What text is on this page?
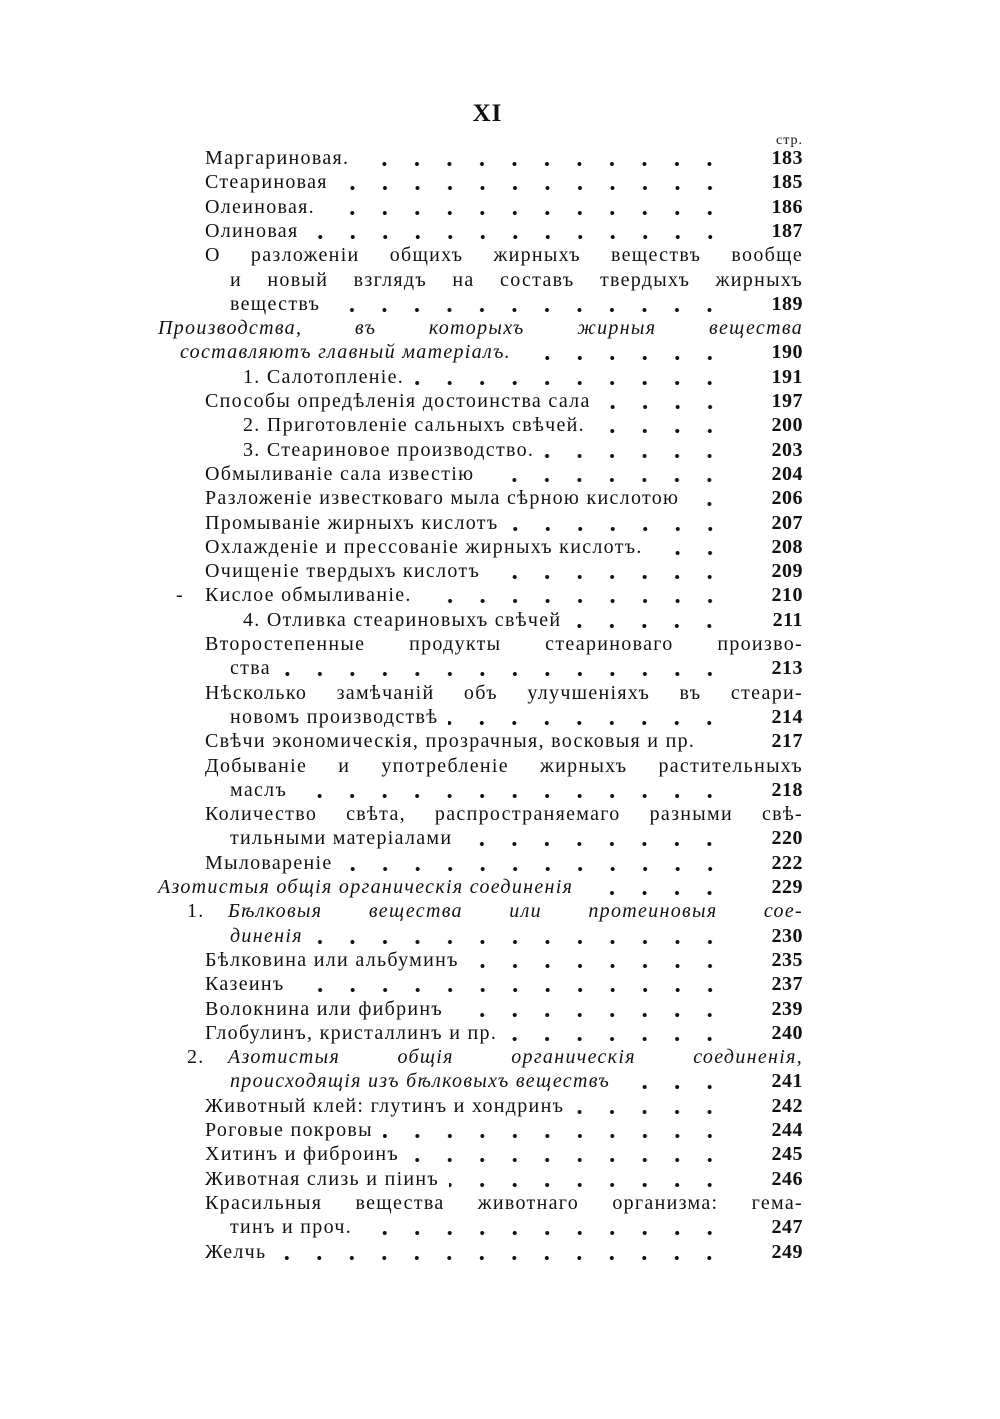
XI
стр.
Маргариновая.	183
Стеариновая	185
Олеиновая.	186
Олиновая	187
О разложеніи общихъ жирныхъ веществъ вообще
и новый взглядъ на составъ твердыхъ жирныхъ
веществъ	189
Производства, въ которыхъ жирныя вещества
составляютъ главный матеріалъ.	190
1. Салотопленіе.	191
Способы опредѣленія достоинства сала	197
2. Приготовленіе сальныхъ свѣчей.	200
3. Стеариновое производство.	203
Обмыливаніе сала известію	204
Разложеніе известковаго мыла сѣрною кислотою	206
Промываніе жирныхъ кислотъ	207
Охлажденіе и прессованіе жирныхъ кислотъ.	208
Очищеніе твердыхъ кислотъ	209
- Кислое обмыливаніе.	210
4. Отливка стеариновыхъ свѣчей	211
Второстепенные продукты стеариноваго произво-
ства	213
Нѣсколько замѣчаній объ улучшеніяхъ въ стеари-
новомъ производствѣ	214
Свѣчи экономическія, прозрачныя, восковыя и пр.	217
Добываніе и употребленіе жирныхъ растительныхъ
маслъ	218
Количество свѣта, распространяемаго разными свѣ-
тильными матеріалами	220
Мыловареніе	222
Азотистыя общія органическія соединенія	229
1. Бѣлковыя вещества или протеиновыя сое-
диненія	230
Бѣлковина или альбуминъ	235
Казеинъ	237
Волокнина или фибринъ	239
Глобулинъ, кристаллинъ и пр.	240
2. Азотистыя общія органическія соединенія,
происходящія изъ бѣлковыхъ веществъ	241
Животный клей: глутинъ и хондринъ	242
Роговые покровы	244
Хитинъ и фиброинъ	245
Животная слизь и піинъ	246
Красильныя вещества животнаго организма: гема-
тинъ и проч.	247
Желчь	249
